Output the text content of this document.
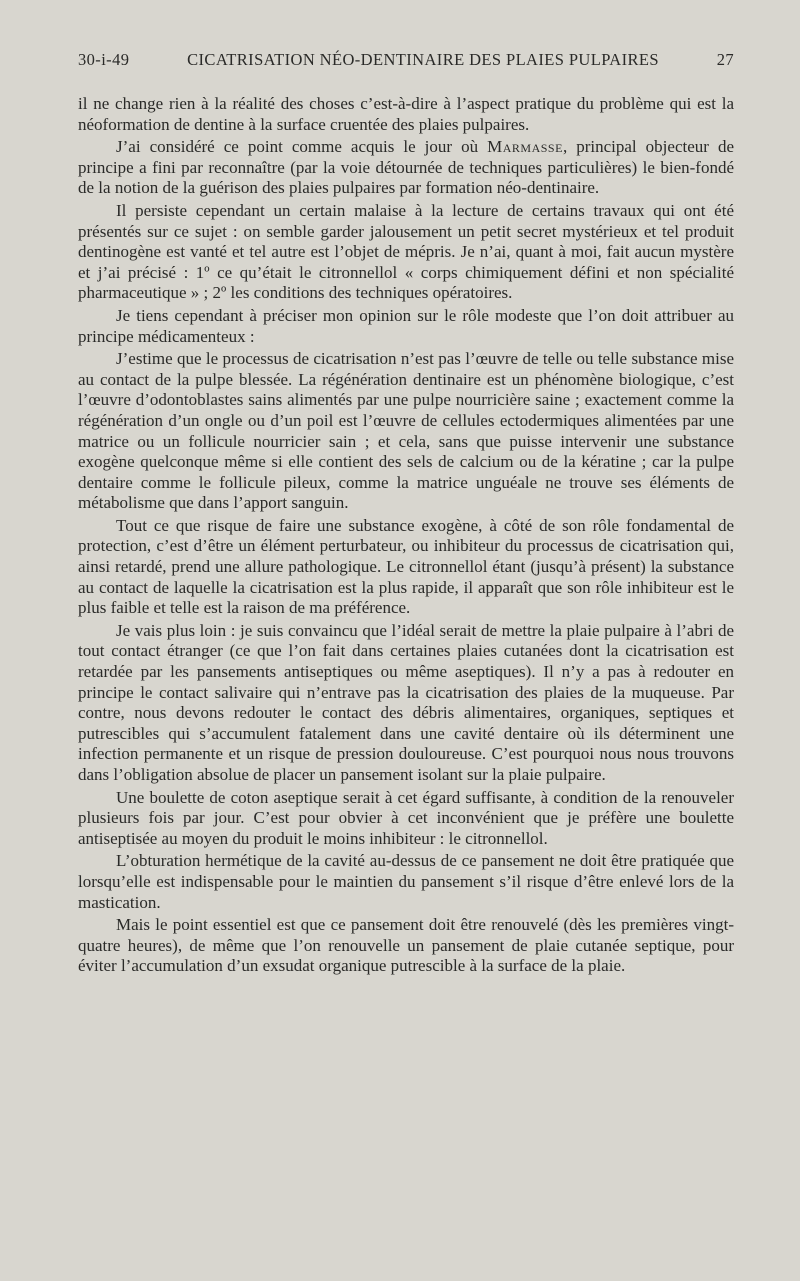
30-i-49	CICATRISATION NÉO-DENTINAIRE DES PLAIES PULPAIRES	27

il ne change rien à la réalité des choses c’est-à-dire à l’aspect pratique du problème qui est la néoformation de dentine à la surface cruentée des plaies pulpaires.

J’ai considéré ce point comme acquis le jour où Marmasse, principal objecteur de principe a fini par reconnaître (par la voie détournée de techniques particulières) le bien-fondé de la notion de la guérison des plaies pulpaires par formation néo-dentinaire.

Il persiste cependant un certain malaise à la lecture de certains travaux qui ont été présentés sur ce sujet : on semble garder jalousement un petit secret mystérieux et tel produit dentinogène est vanté et tel autre est l’objet de mépris. Je n’ai, quant à moi, fait aucun mystère et j’ai précisé : 1º ce qu’était le citronnellol « corps chimiquement défini et non spécialité pharmaceutique » ; 2º les conditions des techniques opératoires.

Je tiens cependant à préciser mon opinion sur le rôle modeste que l’on doit attribuer au principe médicamenteux :

J’estime que le processus de cicatrisation n’est pas l’œuvre de telle ou telle substance mise au contact de la pulpe blessée. La régénération dentinaire est un phénomène biologique, c’est l’œuvre d’odontoblastes sains alimentés par une pulpe nourricière saine ; exactement comme la régénération d’un ongle ou d’un poil est l’œuvre de cellules ectodermiques alimentées par une matrice ou un follicule nourricier sain ; et cela, sans que puisse intervenir une substance exogène quelconque même si elle contient des sels de calcium ou de la kératine ; car la pulpe dentaire comme le follicule pileux, comme la matrice unguéale ne trouve ses éléments de métabolisme que dans l’apport sanguin.

Tout ce que risque de faire une substance exogène, à côté de son rôle fondamental de protection, c’est d’être un élément perturbateur, ou inhibiteur du processus de cicatrisation qui, ainsi retardé, prend une allure pathologique. Le citronnellol étant (jusqu’à présent) la substance au contact de laquelle la cicatrisation est la plus rapide, il apparaît que son rôle inhibiteur est le plus faible et telle est la raison de ma préférence.

Je vais plus loin : je suis convaincu que l’idéal serait de mettre la plaie pulpaire à l’abri de tout contact étranger (ce que l’on fait dans certaines plaies cutanées dont la cicatrisation est retardée par les pansements antiseptiques ou même aseptiques). Il n’y a pas à redouter en principe le contact salivaire qui n’entrave pas la cicatrisation des plaies de la muqueuse. Par contre, nous devons redouter le contact des débris alimentaires, organiques, septiques et putrescibles qui s’accumulent fatalement dans une cavité dentaire où ils déterminent une infection permanente et un risque de pression douloureuse. C’est pourquoi nous nous trouvons dans l’obligation absolue de placer un pansement isolant sur la plaie pulpaire.

Une boulette de coton aseptique serait à cet égard suffisante, à condition de la renouveler plusieurs fois par jour. C’est pour obvier à cet inconvénient que je préfère une boulette antiseptisée au moyen du produit le moins inhibiteur : le citronnellol.

L’obturation hermétique de la cavité au-dessus de ce pansement ne doit être pratiquée que lorsqu’elle est indispensable pour le maintien du pansement s’il risque d’être enlevé lors de la mastication.

Mais le point essentiel est que ce pansement doit être renouvelé (dès les premières vingt-quatre heures), de même que l’on renouvelle un pansement de plaie cutanée septique, pour éviter l’accumulation d’un exsudat organique putrescible à la surface de la plaie.
